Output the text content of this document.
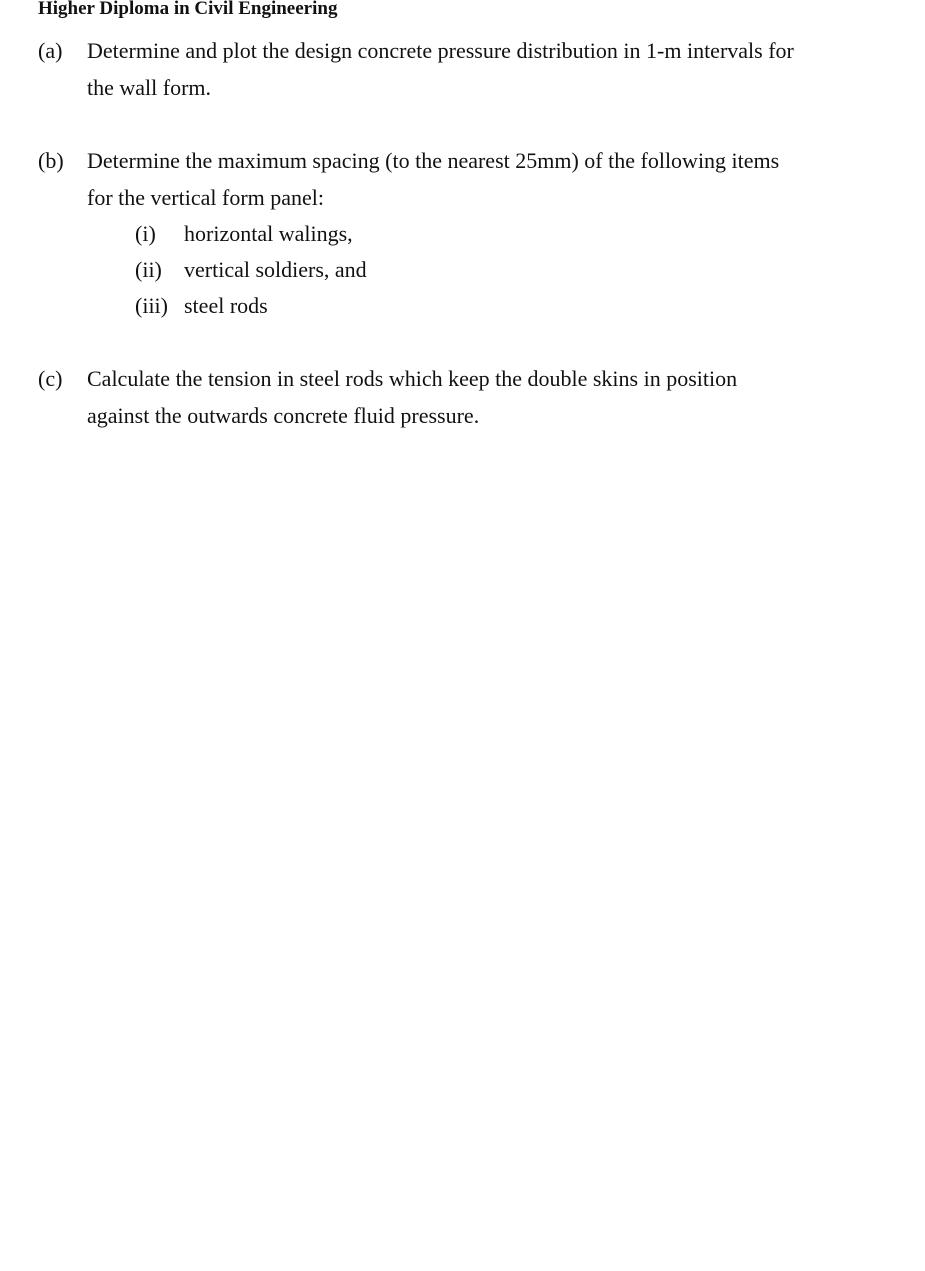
Higher Diploma in Civil Engineering
(a) Determine and plot the design concrete pressure distribution in 1-m intervals for
the wall form.
(b) Determine the maximum spacing (to the nearest 25mm) of the following items
for the vertical form panel:
(i) horizontal walings,
(ii) vertical soldiers, and
(iii) steel rods
(c) Calculate the tension in steel rods which keep the double skins in position
against the outwards concrete fluid pressure.
